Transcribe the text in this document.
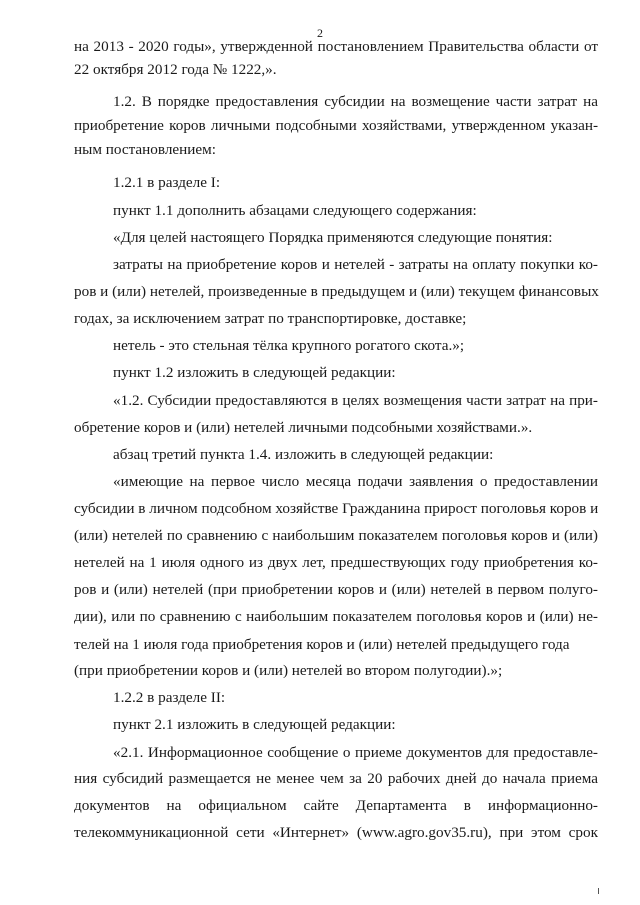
2
на 2013 - 2020 годы», утвержденной постановлением Правительства области от
22 октября 2012 года № 1222,».
1.2. В порядке предоставления субсидии на возмещение части затрат на
приобретение коров личными подсобными хозяйствами, утвержденном указан-
ным постановлением:
1.2.1 в разделе I:
пункт 1.1 дополнить абзацами следующего содержания:
«Для целей настоящего Порядка применяются следующие понятия:
затраты на приобретение коров и нетелей - затраты на оплату покупки ко-
ров и (или) нетелей, произведенные в предыдущем и (или) текущем финансовых
годах, за исключением затрат по транспортировке, доставке;
нетель - это стельная тёлка крупного рогатого скота.»;
пункт 1.2 изложить в следующей редакции:
«1.2. Субсидии предоставляются в целях возмещения части затрат на при-
обретение коров и (или) нетелей личными подсобными хозяйствами.».
абзац третий пункта 1.4. изложить в следующей редакции:
«имеющие на первое число месяца подачи заявления о предоставлении
субсидии в личном подсобном хозяйстве Гражданина прирост поголовья коров и
(или) нетелей по сравнению с наибольшим показателем поголовья коров и (или)
нетелей на 1 июля одного из двух лет, предшествующих году приобретения ко-
ров и (или) нетелей (при приобретении коров и (или) нетелей в первом полуго-
дии), или по сравнению с наибольшим показателем поголовья коров и (или) не-
телей на 1 июля года приобретения коров и (или) нетелей предыдущего года
(при приобретении коров и (или) нетелей во втором полугодии).»;
1.2.2 в разделе II:
пункт 2.1 изложить в следующей редакции:
«2.1. Информационное сообщение о приеме документов для предоставле-
ния субсидий размещается не менее чем за 20 рабочих дней до начала приема
документов на официальном сайте Департамента в информационно-
телекоммуникационной сети «Интернет» (www.agro.gov35.ru), при этом срок
